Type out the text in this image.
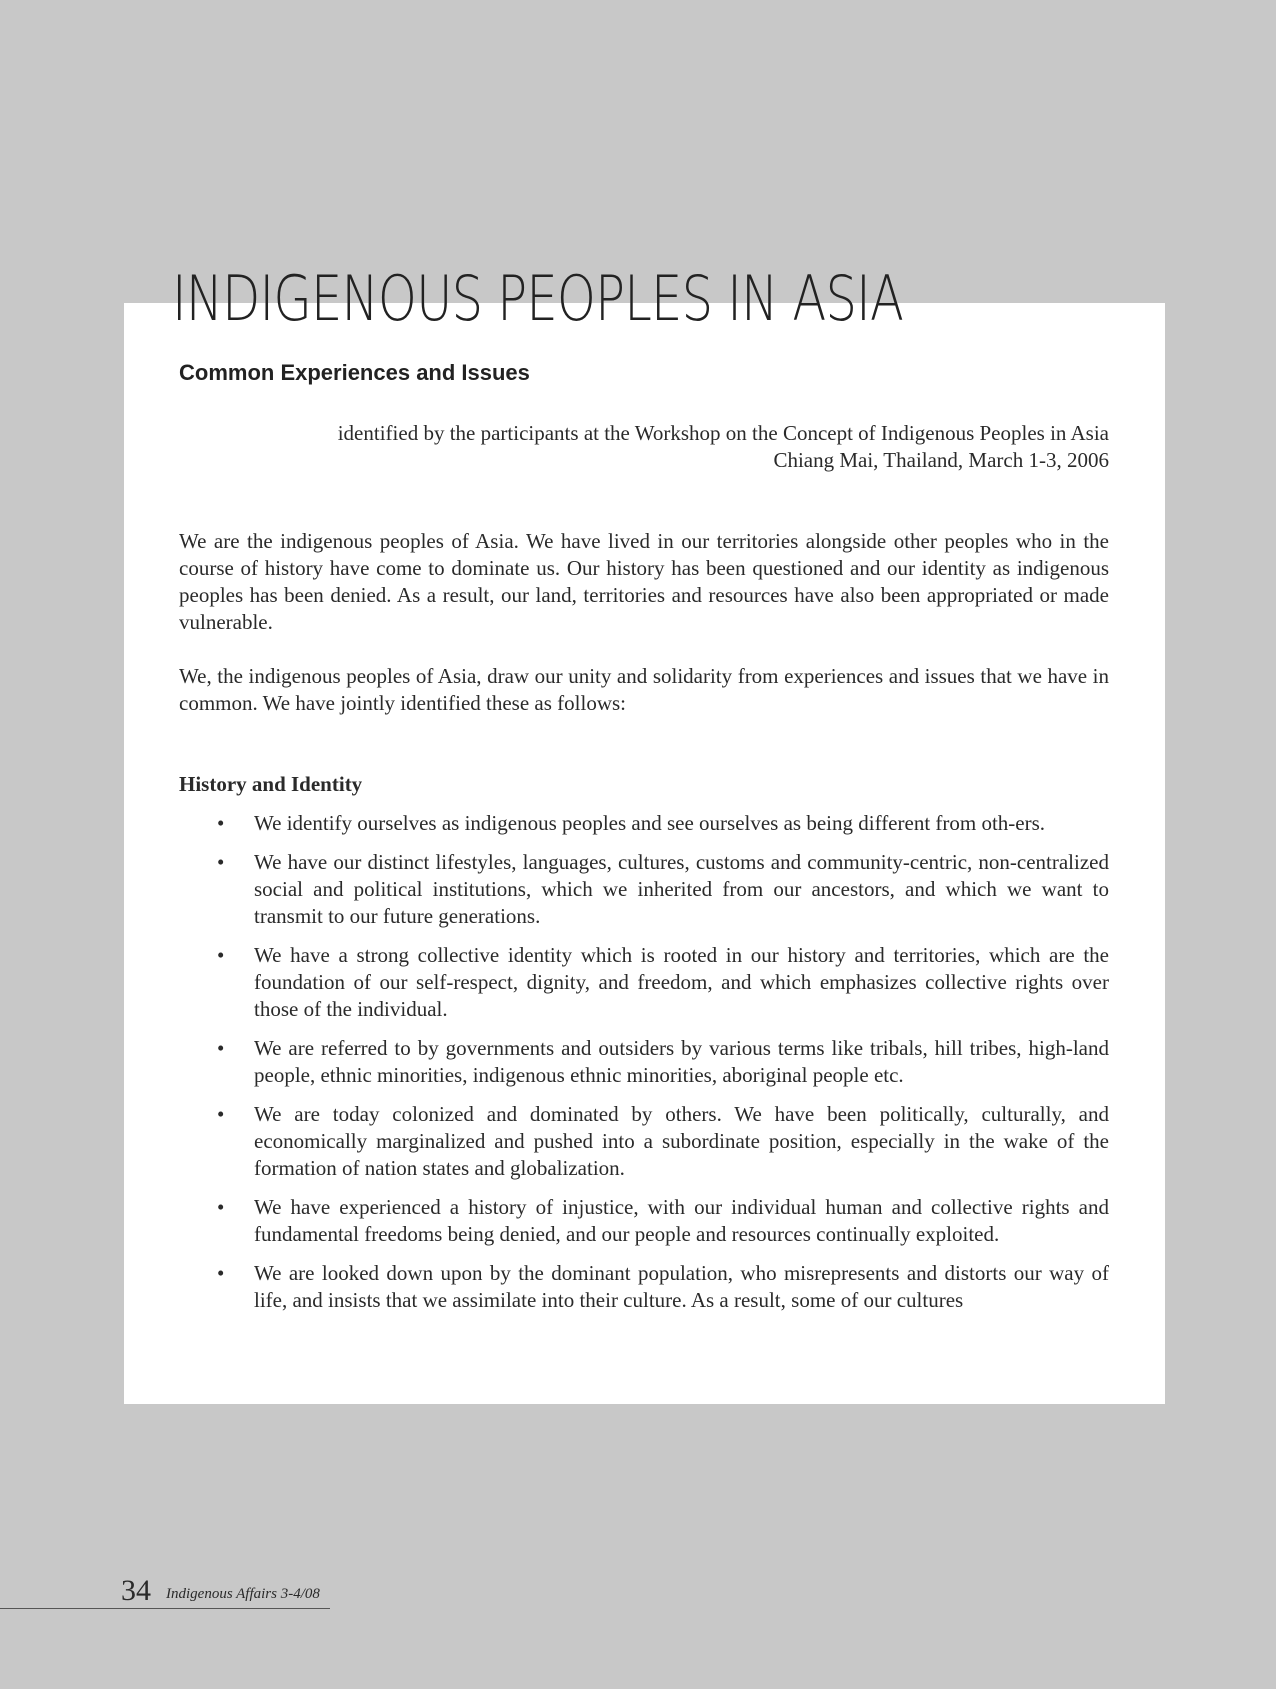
INDIGENOUS PEOPLES IN ASIA
Common Experiences and Issues
identified by the participants at the Workshop on the Concept of Indigenous Peoples in Asia
Chiang Mai, Thailand, March 1-3, 2006

We are the indigenous peoples of Asia. We have lived in our territories alongside other peoples who in the course of history have come to dominate us. Our history has been questioned and our identity as indigenous peoples has been denied. As a result, our land, territories and resources have also been appropriated or made vulnerable.

We, the indigenous peoples of Asia, draw our unity and solidarity from experiences and issues that we have in common. We have jointly identified these as follows:

History and Identity
• We identify ourselves as indigenous peoples and see ourselves as being different from oth-ers.
• We have our distinct lifestyles, languages, cultures, customs and community-centric, non-centralized social and political institutions, which we inherited from our ancestors, and which we want to transmit to our future generations.
• We have a strong collective identity which is rooted in our history and territories, which are the foundation of our self-respect, dignity, and freedom, and which emphasizes collective rights over those of the individual.
• We are referred to by governments and outsiders by various terms like tribals, hill tribes, high-land people, ethnic minorities, indigenous ethnic minorities, aboriginal people etc.
• We are today colonized and dominated by others. We have been politically, culturally, and economically marginalized and pushed into a subordinate position, especially in the wake of the formation of nation states and globalization.
• We have experienced a history of injustice, with our individual human and collective rights and fundamental freedoms being denied, and our people and resources continually exploited.
• We are looked down upon by the dominant population, who misrepresents and distorts our way of life, and insists that we assimilate into their culture. As a result, some of our cultures
34 Indigenous Affairs 3-4/08
